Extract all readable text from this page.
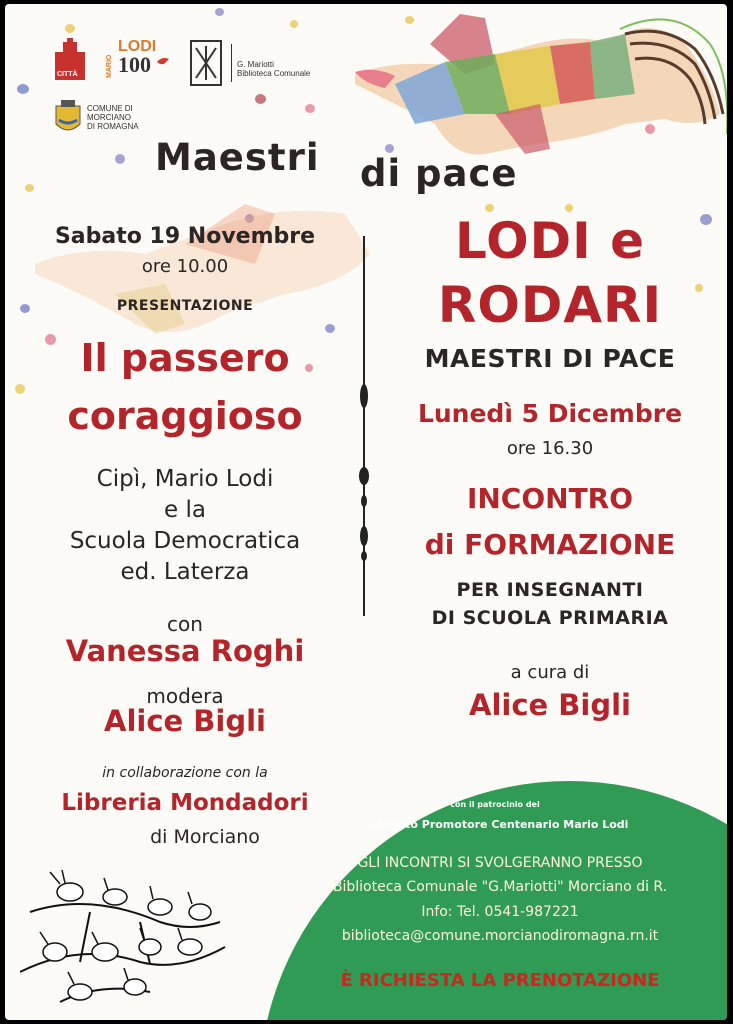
CITTÀ	MARIO
LODI
100	G. Mariotti
Biblioteca Comunale
COMUNE DI
MORCIANO
DI ROMAGNA
Maestri di pace
Sabato 19 Novembre
ore 10.00
PRESENTAZIONE
Il passero
coraggioso
Cipì, Mario Lodi
e la
Scuola Democratica
ed. Laterza
con
Vanessa Roghi
modera
Alice Bigli
in collaborazione con la
Libreria Mondadori
di Morciano
LODI e
RODARI
MAESTRI DI PACE
Lunedì 5 Dicembre
ore 16.30
INCONTRO
di FORMAZIONE
PER INSEGNANTI
DI SCUOLA PRIMARIA
a cura di
Alice Bigli
con il patrocinio del
Comitato Promotore Centenario Mario Lodi
GLI INCONTRI SI SVOLGERANNO PRESSO
Biblioteca Comunale "G.Mariotti" Morciano di R.
Info: Tel. 0541-987221
biblioteca@comune.morcianodiromagna.rn.it
È RICHIESTA LA PRENOTAZIONE
